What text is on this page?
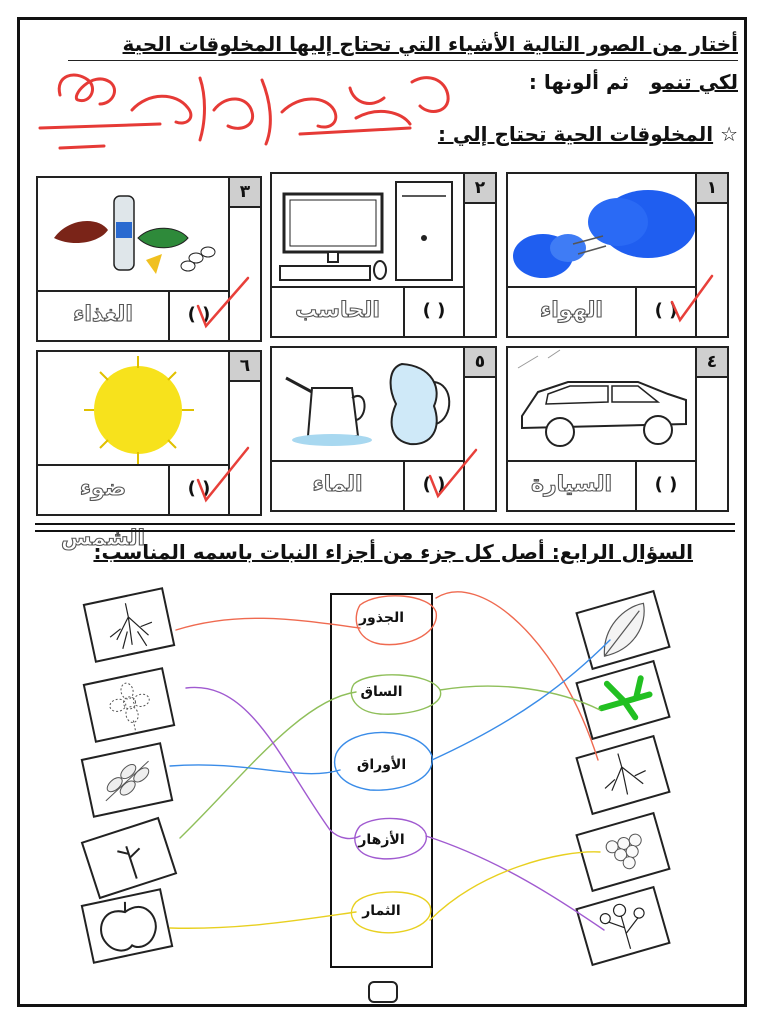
أختار من الصور التالية الأشياء التي تحتاج إليها المخلوقات الحية
لكي تنمو   ثم ألونها :
☆ المخلوقات الحية تحتاج إلي :
١
( )
الهواء
٢
( )
الحاسب
٣
( )
الغذاء
٤
( )
السيارة
٥
( )
الماء
٦
( )
ضوء الشمس
السؤال الرابع: أصل كل جزء من أجزاء النبات باسمه المناسب:
الجذور
الساق
الأوراق
الأزهار
الثمار
